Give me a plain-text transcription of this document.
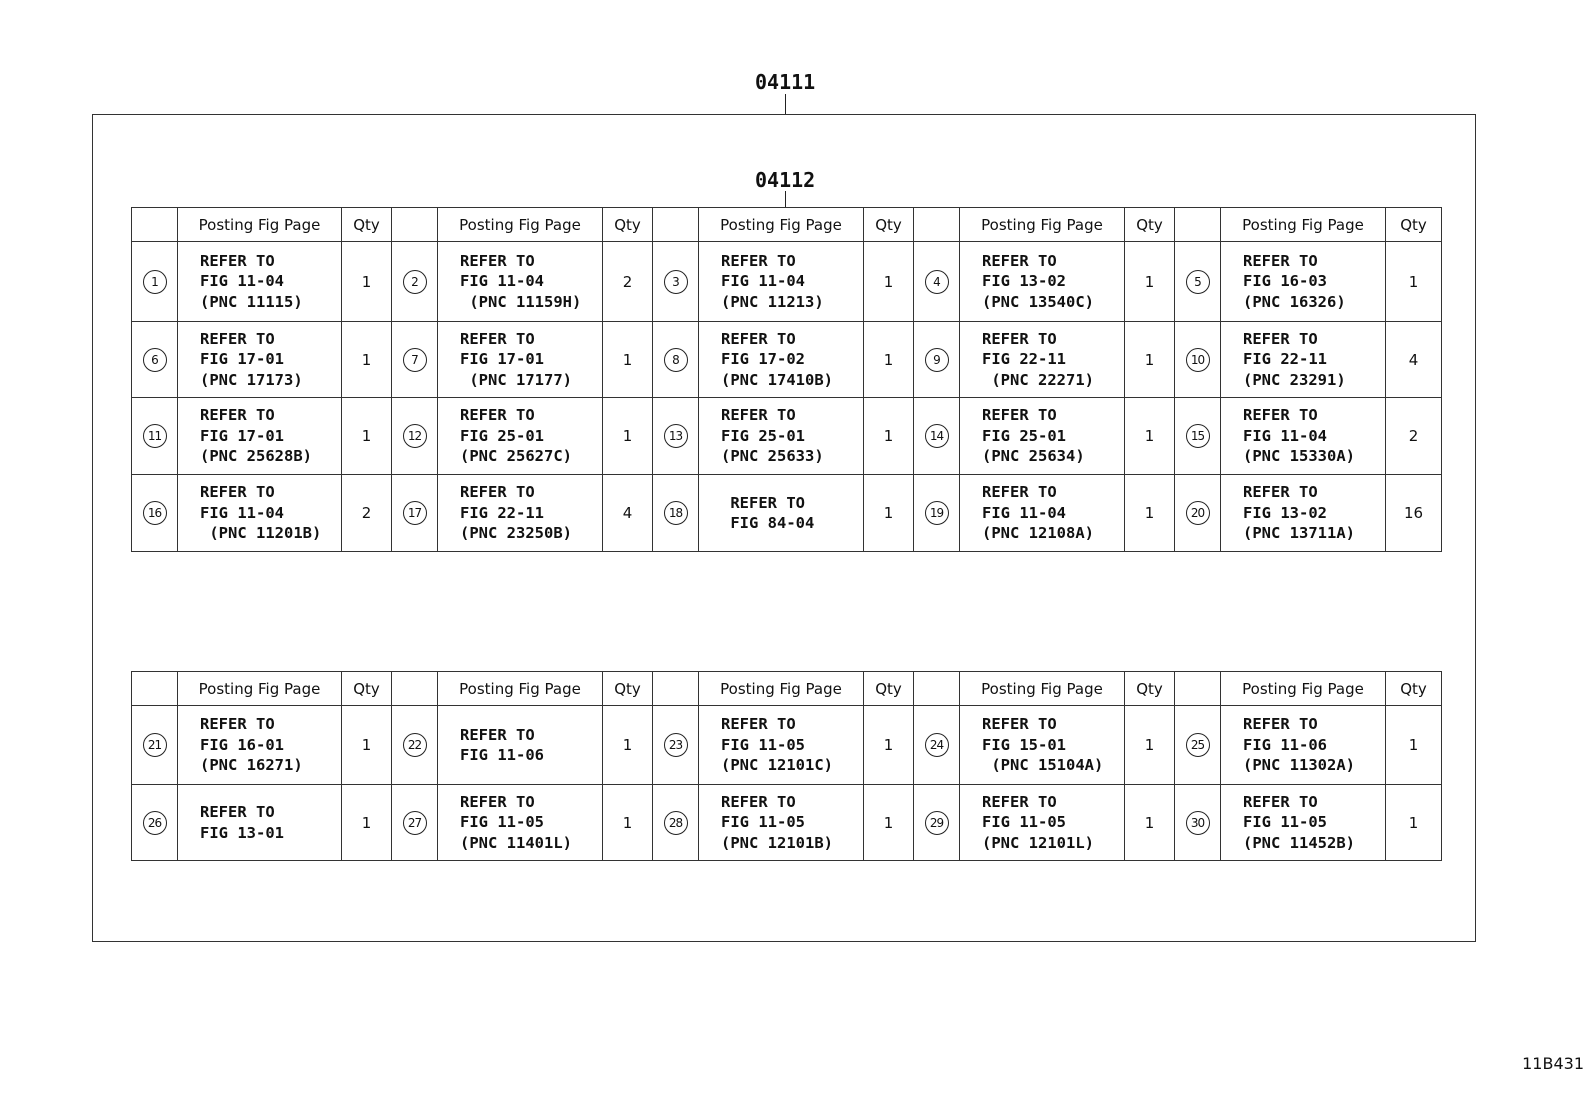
04111
04112
	Posting Fig Page	Qty		Posting Fig Page	Qty		Posting Fig Page	Qty		Posting Fig Page	Qty		Posting Fig Page	Qty
1	REFER TO
FIG 11-04
(PNC 11115)	1	2	REFER TO
FIG 11-04
(PNC 11159H)	2	3	REFER TO
FIG 11-04
(PNC 11213)	1	4	REFER TO
FIG 13-02
(PNC 13540C)	1	5	REFER TO
FIG 16-03
(PNC 16326)	1
6	REFER TO
FIG 17-01
(PNC 17173)	1	7	REFER TO
FIG 17-01
(PNC 17177)	1	8	REFER TO
FIG 17-02
(PNC 17410B)	1	9	REFER TO
FIG 22-11
(PNC 22271)	1	10	REFER TO
FIG 22-11
(PNC 23291)	4
11	REFER TO
FIG 17-01
(PNC 25628B)	1	12	REFER TO
FIG 25-01
(PNC 25627C)	1	13	REFER TO
FIG 25-01
(PNC 25633)	1	14	REFER TO
FIG 25-01
(PNC 25634)	1	15	REFER TO
FIG 11-04
(PNC 15330A)	2
16	REFER TO
FIG 11-04
(PNC 11201B)	2	17	REFER TO
FIG 22-11
(PNC 23250B)	4	18	REFER TO
FIG 84-04	1	19	REFER TO
FIG 11-04
(PNC 12108A)	1	20	REFER TO
FIG 13-02
(PNC 13711A)	16
	Posting Fig Page	Qty		Posting Fig Page	Qty		Posting Fig Page	Qty		Posting Fig Page	Qty		Posting Fig Page	Qty
21	REFER TO
FIG 16-01
(PNC 16271)	1	22	REFER TO
FIG 11-06	1	23	REFER TO
FIG 11-05
(PNC 12101C)	1	24	REFER TO
FIG 15-01
(PNC 15104A)	1	25	REFER TO
FIG 11-06
(PNC 11302A)	1
26	REFER TO
FIG 13-01	1	27	REFER TO
FIG 11-05
(PNC 11401L)	1	28	REFER TO
FIG 11-05
(PNC 12101B)	1	29	REFER TO
FIG 11-05
(PNC 12101L)	1	30	REFER TO
FIG 11-05
(PNC 11452B)	1
11B431
